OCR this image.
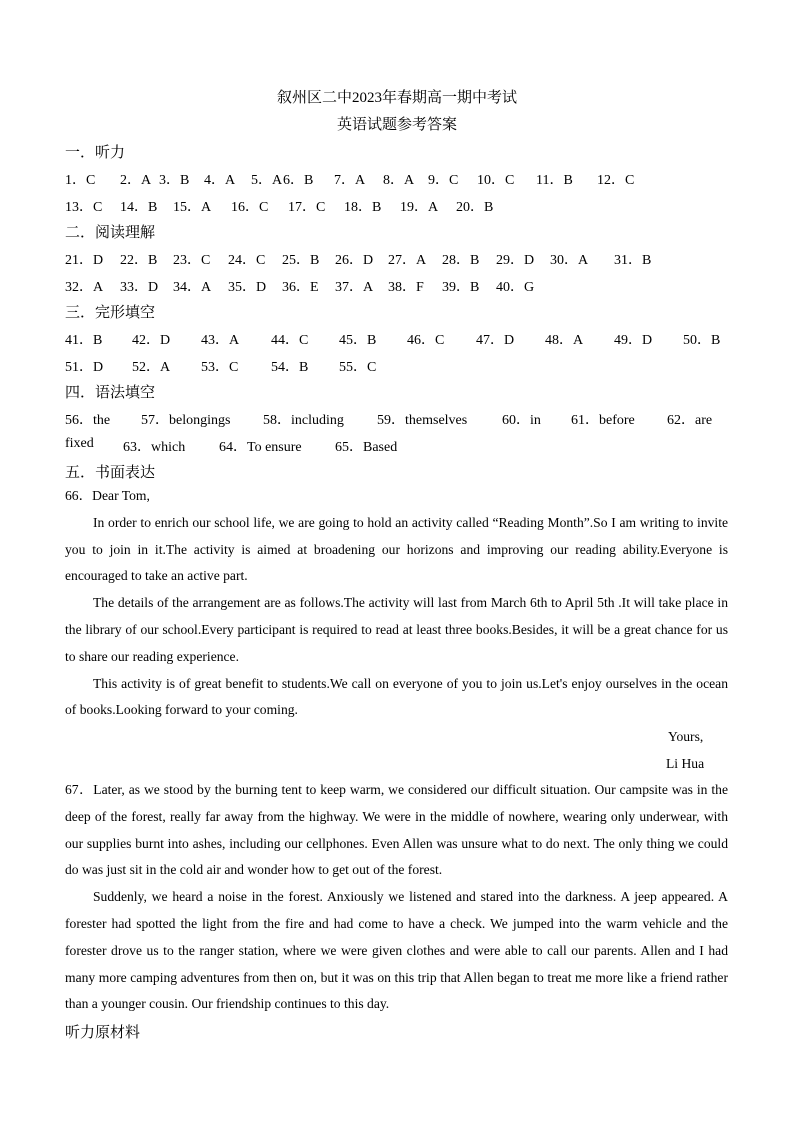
叙州区二中2023年春期高一期中考试
英语试题参考答案
一．听力
1．C 2．A 3．B 4．A 5．A 6．B 7．A 8．A 9．C 10．C 11．B 12．C
13．C 14．B 15．A 16．C 17．C 18．B 19．A 20．B
二．阅读理解
21．D 22．B 23．C 24．C 25．B 26．D 27．A 28．B 29．D 30．A 31．B
32．A 33．D 34．A 35．D 36．E 37．A 38．F 39．B 40．G
三．完形填空
41．B 42．D 43．A 44．C 45．B 46．C 47．D 48．A 49．D 50．B
51．D 52．A 53．C 54．B 55．C
四．语法填空
56．the 57．belongings 58．including 59．themselves 60．in 61．before 62．are
fixed 63．which 64．To ensure 65．Based
五．书面表达

66．Dear Tom,

In order to enrich our school life, we are going to hold an activity called “Reading Month”.So I am writing to invite you to join in it.The activity is aimed at broadening our horizons and improving our reading ability.Everyone is encouraged to take an active part.

The details of the arrangement are as follows.The activity will last from March 6th to April 5th .It will take place in the library of our school.Every participant is required to read at least three books.Besides, it will be a great chance for us to share our reading experience.

This activity is of great benefit to students.We call on everyone of you to join us.Let's enjoy ourselves in the ocean of books.Looking forward to your coming.

Yours,
Li Hua

67．Later, as we stood by the burning tent to keep warm, we considered our difficult situation. Our campsite was in the deep of the forest, really far away from the highway. We were in the middle of nowhere, wearing only underwear, with our supplies burnt into ashes, including our cellphones. Even Allen was unsure what to do next. The only thing we could do was just sit in the cold air and wonder how to get out of the forest.

Suddenly, we heard a noise in the forest. Anxiously we listened and stared into the darkness. A jeep appeared. A forester had spotted the light from the fire and had come to have a check. We jumped into the warm vehicle and the forester drove us to the ranger station, where we were given clothes and were able to call our parents. Allen and I had many more camping adventures from then on, but it was on this trip that Allen began to treat me more like a friend rather than a younger cousin. Our friendship continues to this day.

听力原材料
